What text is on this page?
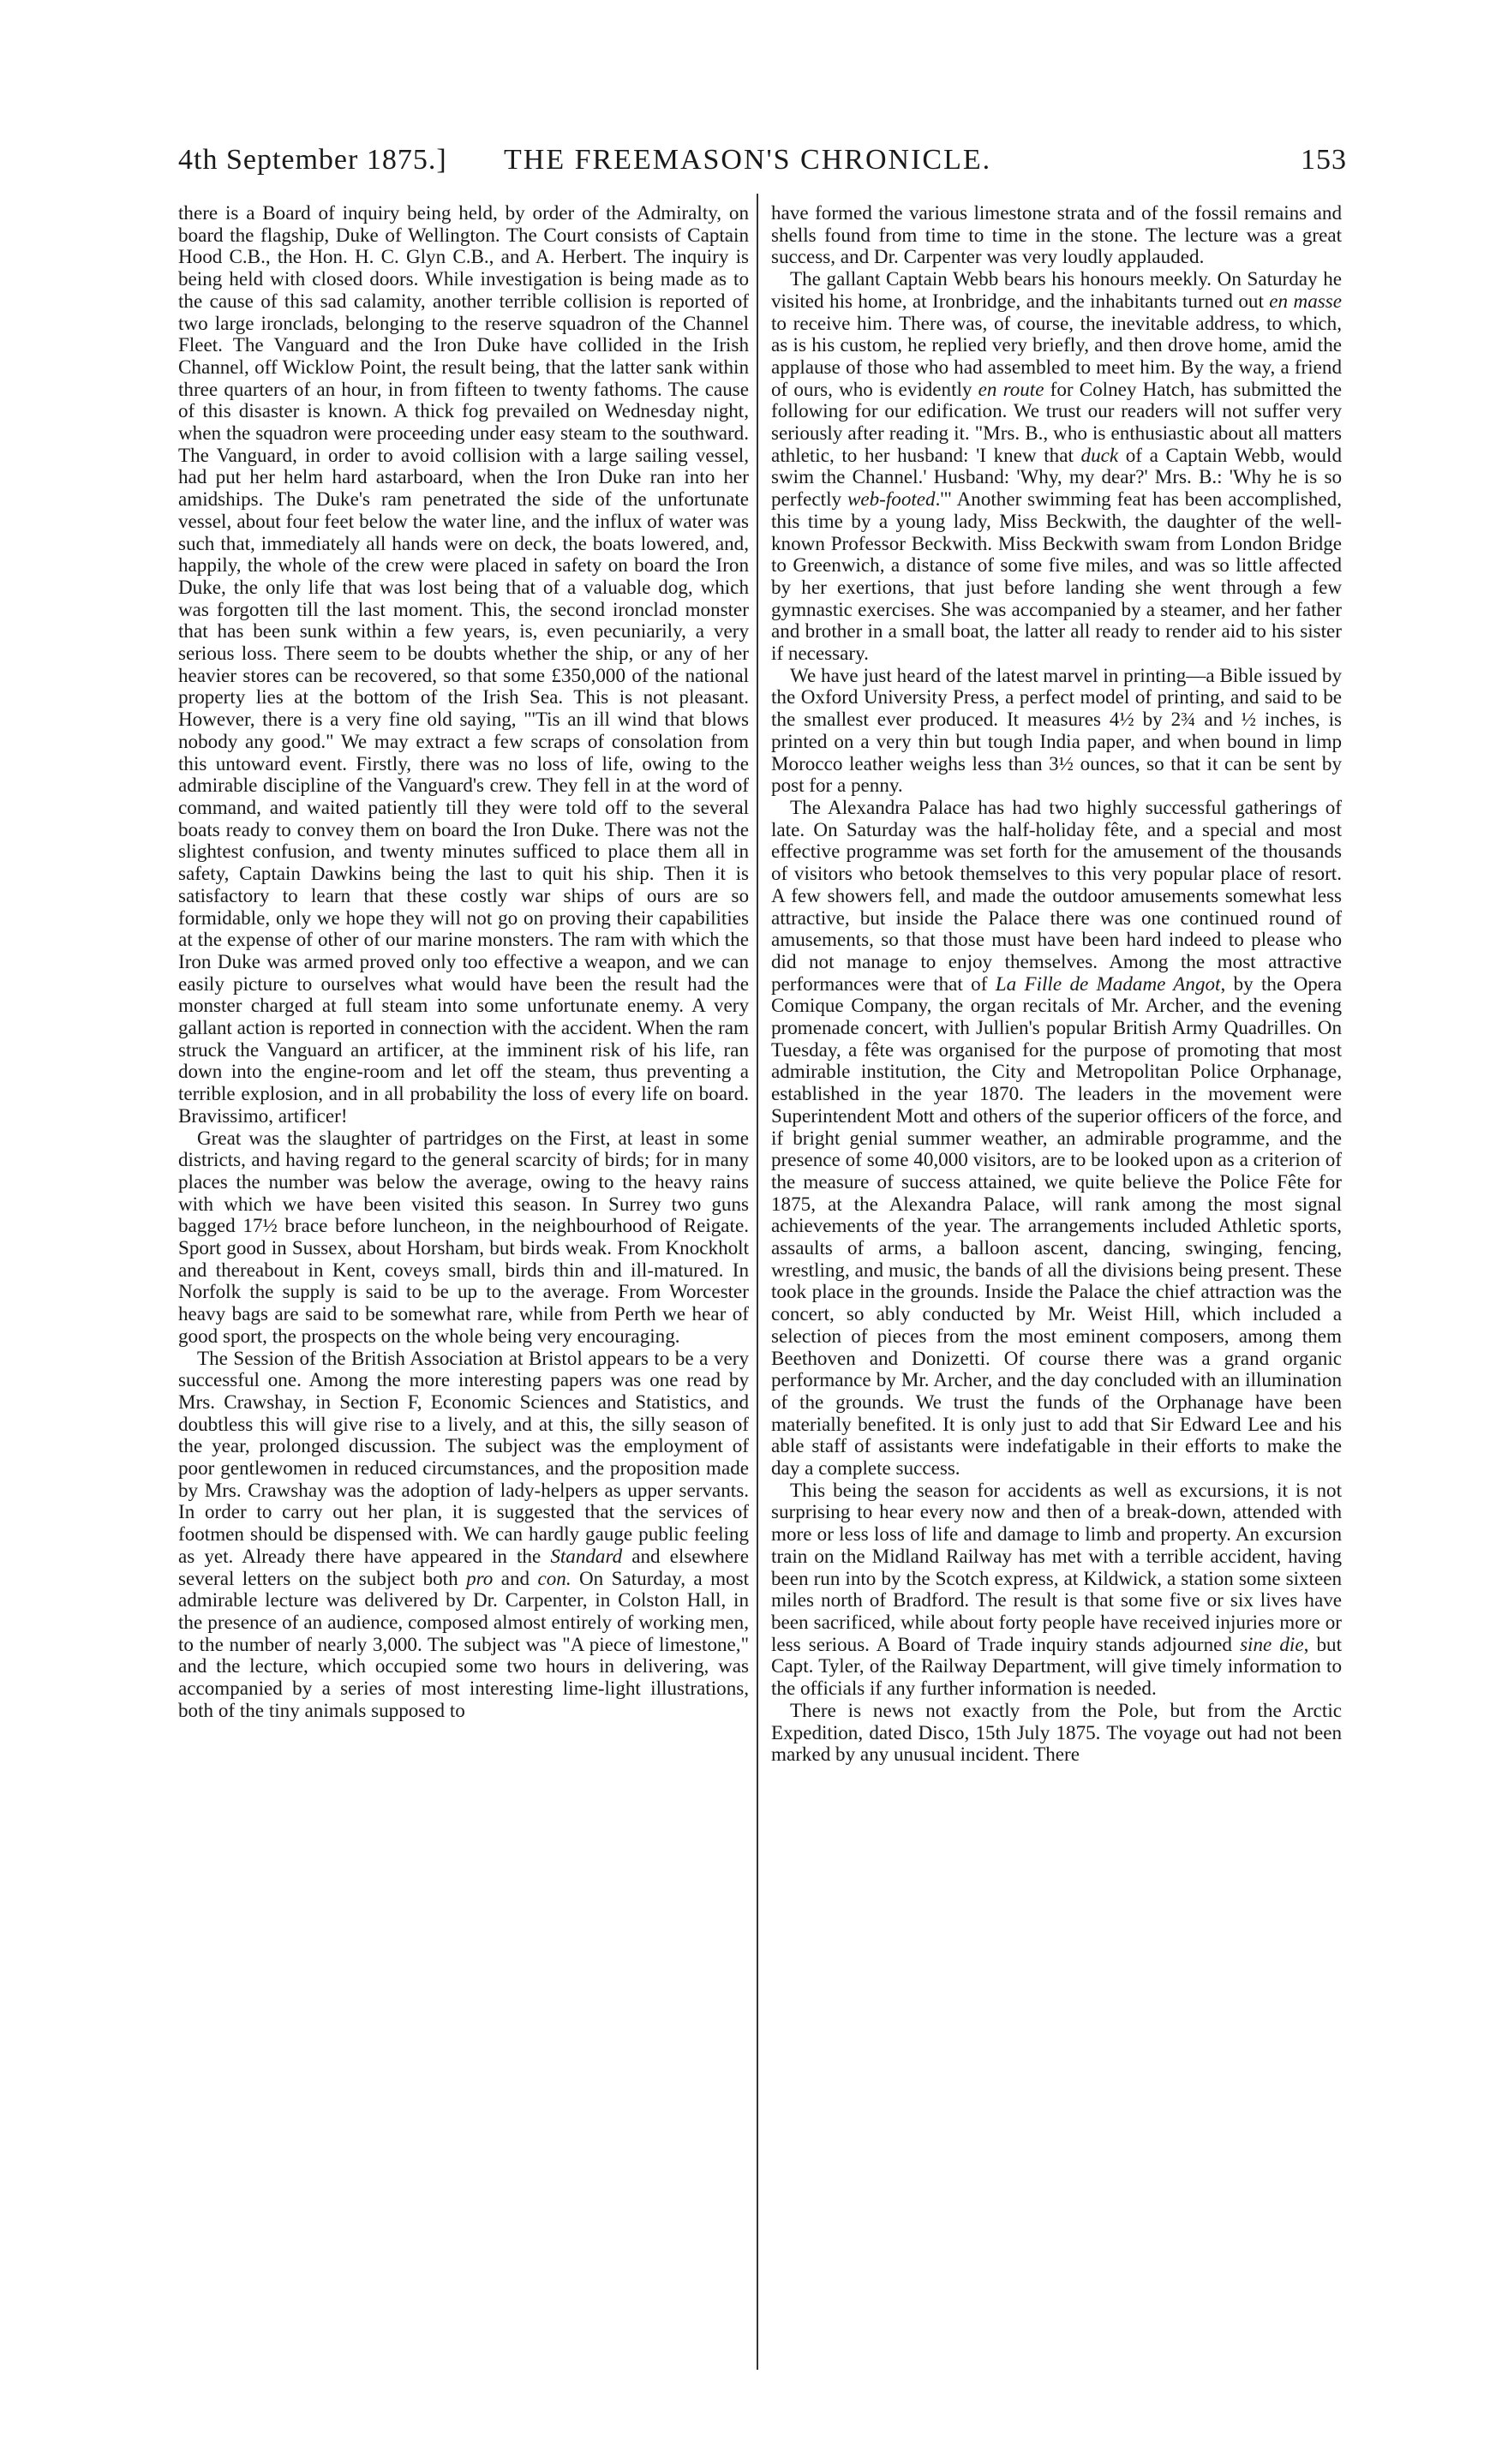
4th September 1875.] THE FREEMASON'S CHRONICLE.	153

there is a Board of inquiry being held, by order of the Admiralty, on board the flagship, Duke of Wellington. The Court consists of Captain Hood C.B., the Hon. H. C. Glyn C.B., and A. Herbert. The inquiry is being held with closed doors. While investigation is being made as to the cause of this sad calamity, another terrible collision is reported of two large ironclads, belonging to the reserve squadron of the Channel Fleet. The Vanguard and the Iron Duke have collided in the Irish Channel, off Wicklow Point, the result being, that the latter sank within three quarters of an hour, in from fifteen to twenty fathoms. The cause of this disaster is known. A thick fog prevailed on Wednesday night, when the squadron were proceeding under easy steam to the southward. The Vanguard, in order to avoid collision with a large sailing vessel, had put her helm hard astarboard, when the Iron Duke ran into her amidships. The Duke's ram penetrated the side of the unfortunate vessel, about four feet below the water line, and the influx of water was such that, immediately all hands were on deck, the boats lowered, and, happily, the whole of the crew were placed in safety on board the Iron Duke, the only life that was lost being that of a valuable dog, which was forgotten till the last moment. This, the second ironclad monster that has been sunk within a few years, is, even pecuniarily, a very serious loss. There seem to be doubts whether the ship, or any of her heavier stores can be recovered, so that some £350,000 of the national property lies at the bottom of the Irish Sea. This is not pleasant. However, there is a very fine old saying, "'Tis an ill wind that blows nobody any good." We may extract a few scraps of consolation from this untoward event. Firstly, there was no loss of life, owing to the admirable discipline of the Vanguard's crew. They fell in at the word of command, and waited patiently till they were told off to the several boats ready to convey them on board the Iron Duke. There was not the slightest confusion, and twenty minutes sufficed to place them all in safety, Captain Dawkins being the last to quit his ship. Then it is satisfactory to learn that these costly war ships of ours are so formidable, only we hope they will not go on proving their capabilities at the expense of other of our marine monsters. The ram with which the Iron Duke was armed proved only too effective a weapon, and we can easily picture to ourselves what would have been the result had the monster charged at full steam into some unfortunate enemy. A very gallant action is reported in connection with the accident. When the ram struck the Vanguard an artificer, at the imminent risk of his life, ran down into the engine-room and let off the steam, thus preventing a terrible explosion, and in all probability the loss of every life on board. Bravissimo, artificer!

Great was the slaughter of partridges on the First, at least in some districts, and having regard to the general scarcity of birds; for in many places the number was below the average, owing to the heavy rains with which we have been visited this season. In Surrey two guns bagged 17½ brace before luncheon, in the neighbourhood of Reigate. Sport good in Sussex, about Horsham, but birds weak. From Knockholt and thereabout in Kent, coveys small, birds thin and ill-matured. In Norfolk the supply is said to be up to the average. From Worcester heavy bags are said to be somewhat rare, while from Perth we hear of good sport, the prospects on the whole being very encouraging.

The Session of the British Association at Bristol appears to be a very successful one. Among the more interesting papers was one read by Mrs. Crawshay, in Section F, Economic Sciences and Statistics, and doubtless this will give rise to a lively, and at this, the silly season of the year, prolonged discussion. The subject was the employment of poor gentlewomen in reduced circumstances, and the proposition made by Mrs. Crawshay was the adoption of lady-helpers as upper servants. In order to carry out her plan, it is suggested that the services of footmen should be dispensed with. We can hardly gauge public feeling as yet. Already there have appeared in the Standard and elsewhere several letters on the subject both pro and con. On Saturday, a most admirable lecture was delivered by Dr. Carpenter, in Colston Hall, in the presence of an audience, composed almost entirely of working men, to the number of nearly 3,000. The subject was "A piece of limestone," and the lecture, which occupied some two hours in delivering, was accompanied by a series of most interesting lime-light illustrations, both of the tiny animals supposed to

have formed the various limestone strata and of the fossil remains and shells found from time to time in the stone. The lecture was a great success, and Dr. Carpenter was very loudly applauded.

The gallant Captain Webb bears his honours meekly. On Saturday he visited his home, at Ironbridge, and the inhabitants turned out en masse to receive him. There was, of course, the inevitable address, to which, as is his custom, he replied very briefly, and then drove home, amid the applause of those who had assembled to meet him. By the way, a friend of ours, who is evidently en route for Colney Hatch, has submitted the following for our edification. We trust our readers will not suffer very seriously after reading it. "Mrs. B., who is enthusiastic about all matters athletic, to her husband: 'I knew that duck of a Captain Webb, would swim the Channel.' Husband: 'Why, my dear?' Mrs. B.: 'Why he is so perfectly web-footed.'" Another swimming feat has been accomplished, this time by a young lady, Miss Beckwith, the daughter of the well-known Professor Beckwith. Miss Beckwith swam from London Bridge to Greenwich, a distance of some five miles, and was so little affected by her exertions, that just before landing she went through a few gymnastic exercises. She was accompanied by a steamer, and her father and brother in a small boat, the latter all ready to render aid to his sister if necessary.

We have just heard of the latest marvel in printing—a Bible issued by the Oxford University Press, a perfect model of printing, and said to be the smallest ever produced. It measures 4½ by 2¾ and ½ inches, is printed on a very thin but tough India paper, and when bound in limp Morocco leather weighs less than 3½ ounces, so that it can be sent by post for a penny.

The Alexandra Palace has had two highly successful gatherings of late. On Saturday was the half-holiday fête, and a special and most effective programme was set forth for the amusement of the thousands of visitors who betook themselves to this very popular place of resort. A few showers fell, and made the outdoor amusements somewhat less attractive, but inside the Palace there was one continued round of amusements, so that those must have been hard indeed to please who did not manage to enjoy themselves. Among the most attractive performances were that of La Fille de Madame Angot, by the Opera Comique Company, the organ recitals of Mr. Archer, and the evening promenade concert, with Jullien's popular British Army Quadrilles. On Tuesday, a fête was organised for the purpose of promoting that most admirable institution, the City and Metropolitan Police Orphanage, established in the year 1870. The leaders in the movement were Superintendent Mott and others of the superior officers of the force, and if bright genial summer weather, an admirable programme, and the presence of some 40,000 visitors, are to be looked upon as a criterion of the measure of success attained, we quite believe the Police Fête for 1875, at the Alexandra Palace, will rank among the most signal achievements of the year. The arrangements included Athletic sports, assaults of arms, a balloon ascent, dancing, swinging, fencing, wrestling, and music, the bands of all the divisions being present. These took place in the grounds. Inside the Palace the chief attraction was the concert, so ably conducted by Mr. Weist Hill, which included a selection of pieces from the most eminent composers, among them Beethoven and Donizetti. Of course there was a grand organic performance by Mr. Archer, and the day concluded with an illumination of the grounds. We trust the funds of the Orphanage have been materially benefited. It is only just to add that Sir Edward Lee and his able staff of assistants were indefatigable in their efforts to make the day a complete success.

This being the season for accidents as well as excursions, it is not surprising to hear every now and then of a break-down, attended with more or less loss of life and damage to limb and property. An excursion train on the Midland Railway has met with a terrible accident, having been run into by the Scotch express, at Kildwick, a station some sixteen miles north of Bradford. The result is that some five or six lives have been sacrificed, while about forty people have received injuries more or less serious. A Board of Trade inquiry stands adjourned sine die, but Capt. Tyler, of the Railway Department, will give timely information to the officials if any further information is needed.

There is news not exactly from the Pole, but from the Arctic Expedition, dated Disco, 15th July 1875. The voyage out had not been marked by any unusual incident. There
